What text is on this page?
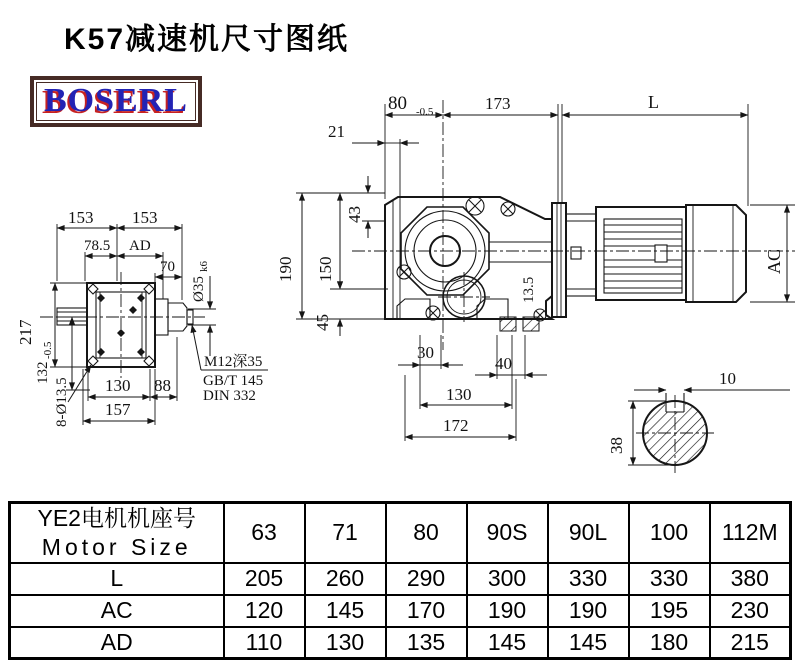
K57减速机尺寸图纸
BOSERL
153 153
78.5 AD
70
Ø35
k6
217
132
-0.5
8-Ø13.5 130 88
157
M12深35
GB/T 145
DIN 332
80 -0.5	173	L
21
190 150
45
43
13.5
30
40
130
172
AC
10
38
YE2电机机座号
Motor Size	63	71	80	90S	90L	100	112M
L	205	260	290	300	330	330	380
AC	120	145	170	190	190	195	230
AD	110	130	135	145	145	180	215
